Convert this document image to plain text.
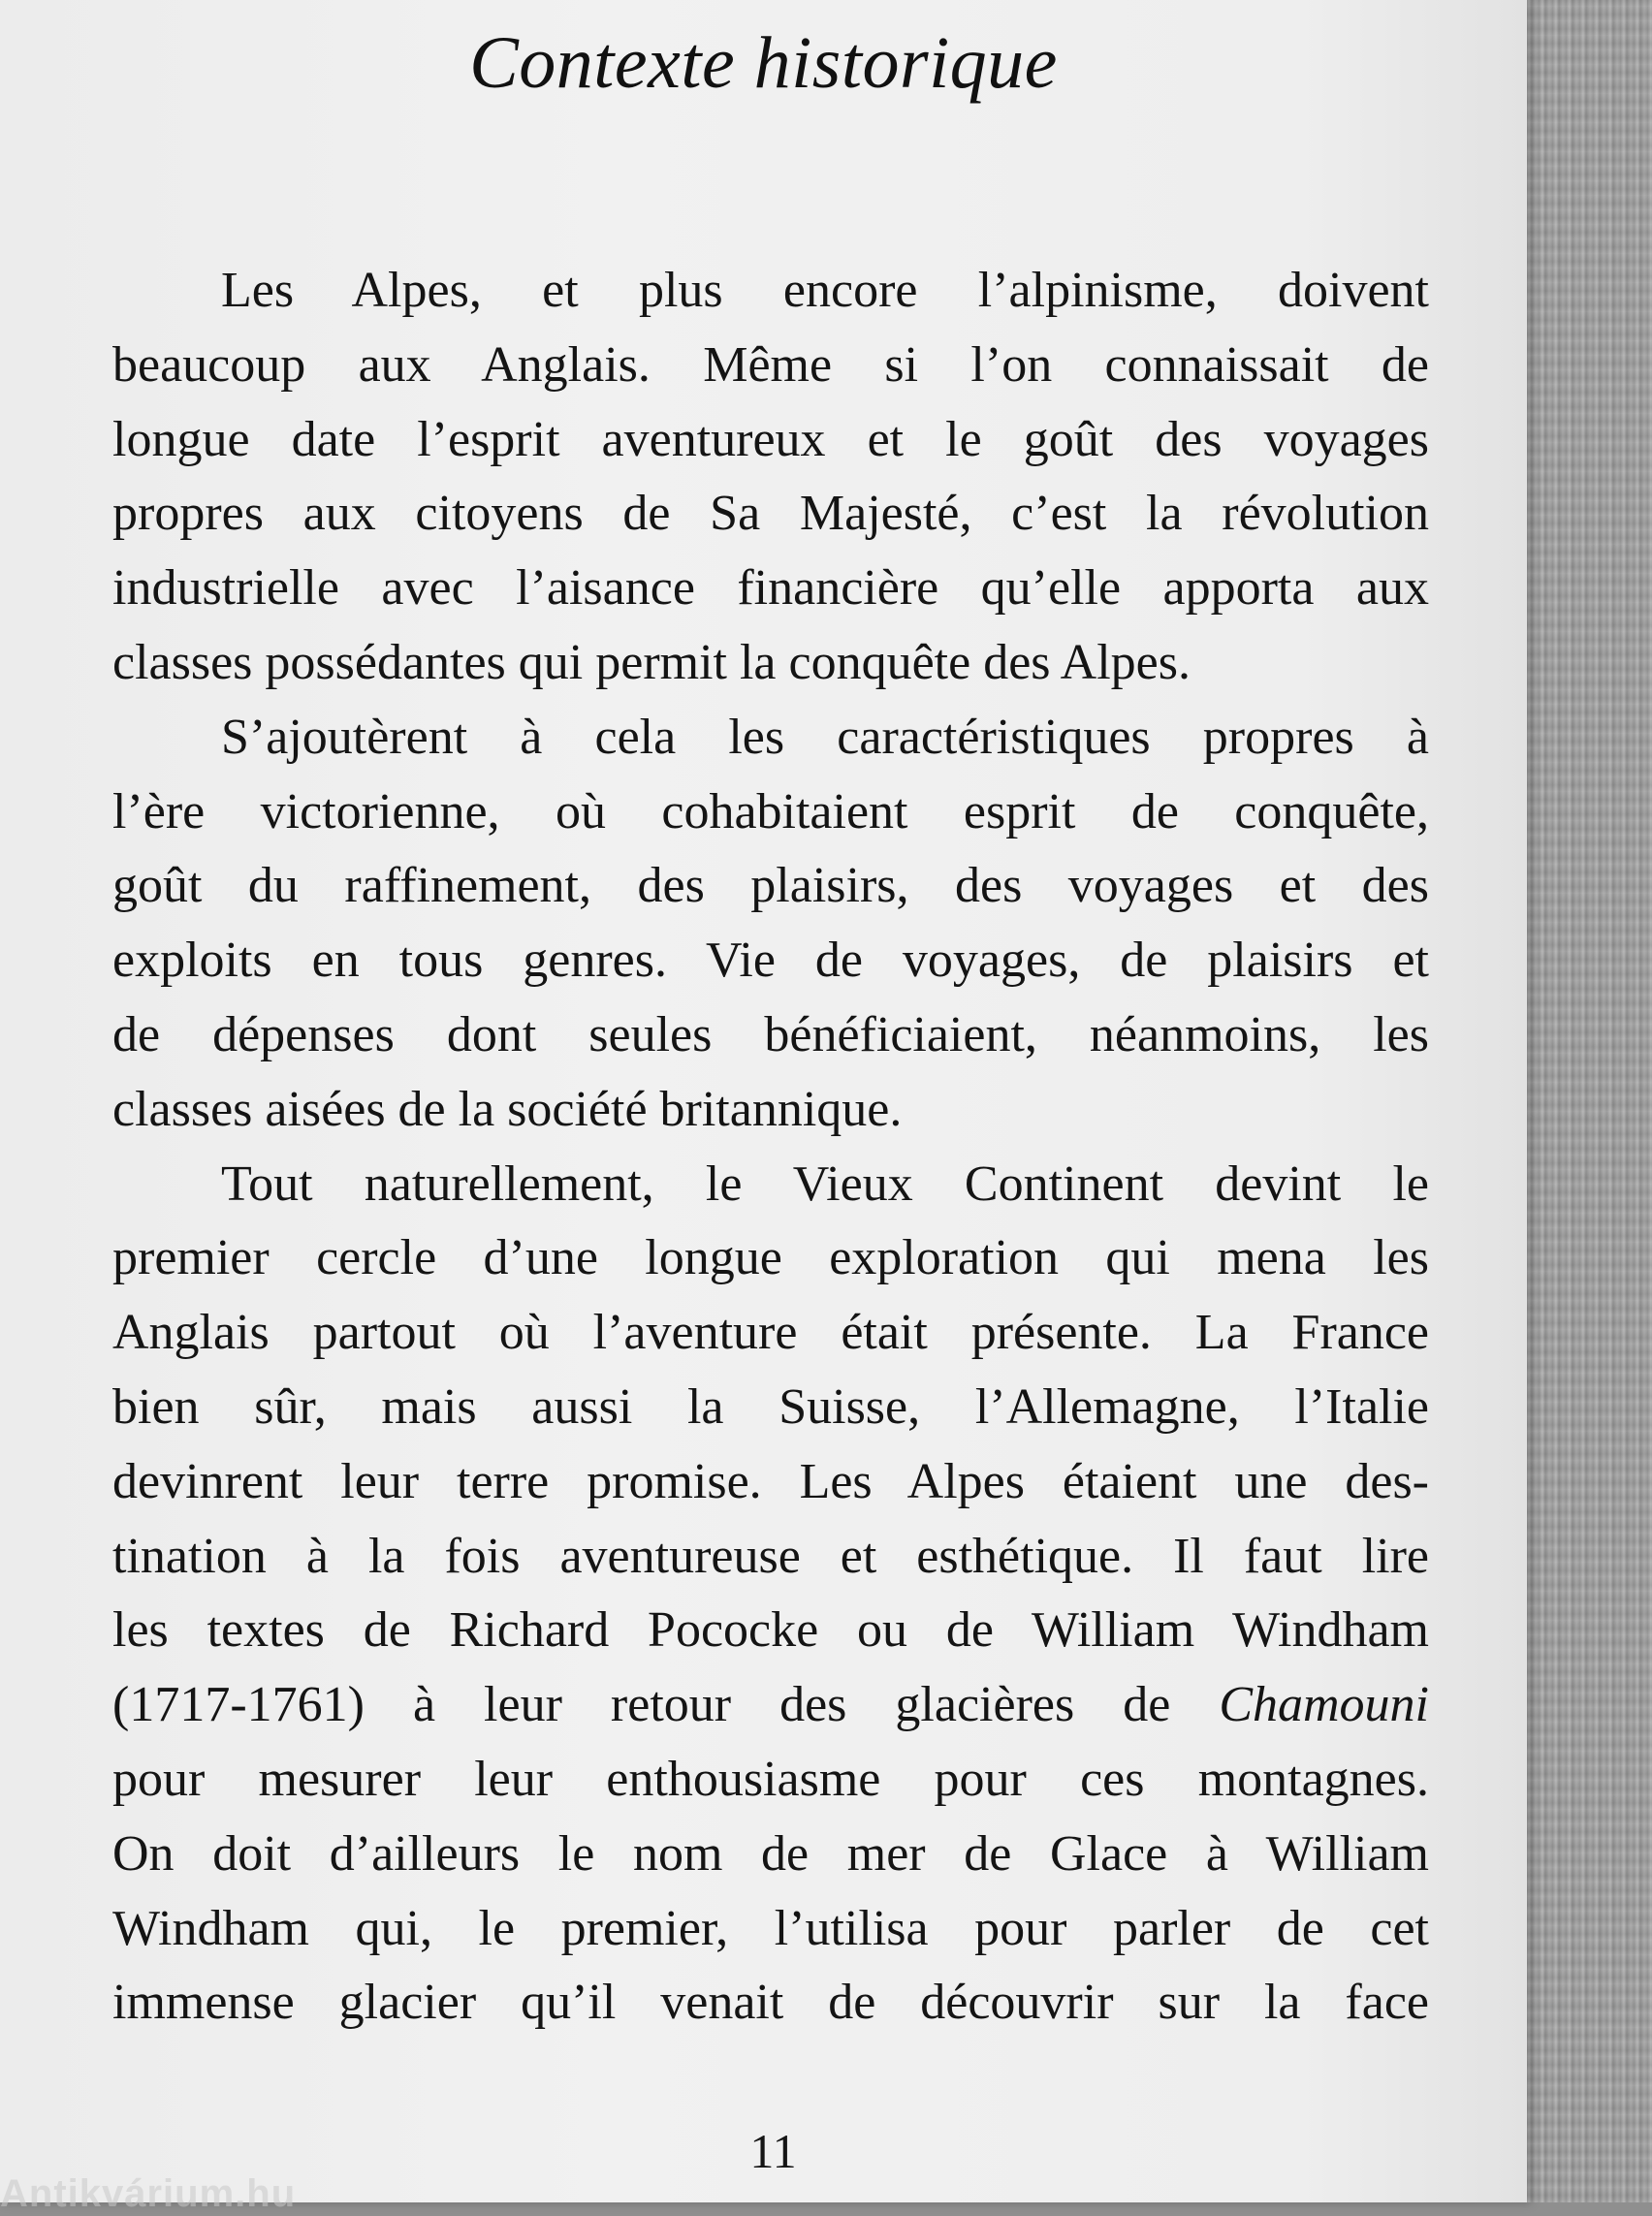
Contexte historique
Les Alpes, et plus encore l’alpinisme, doivent
beaucoup aux Anglais. Même si l’on connaissait de
longue date l’esprit aventureux et le goût des voyages
propres aux citoyens de Sa Majesté, c’est la révolution
industrielle avec l’aisance financière qu’elle apporta aux
classes possédantes qui permit la conquête des Alpes.
S’ajoutèrent à cela les caractéristiques propres à
l’ère victorienne, où cohabitaient esprit de conquête,
goût du raffinement, des plaisirs, des voyages et des
exploits en tous genres. Vie de voyages, de plaisirs et
de dépenses dont seules bénéficiaient, néanmoins, les
classes aisées de la société britannique.
Tout naturellement, le Vieux Continent devint le
premier cercle d’une longue exploration qui mena les
Anglais partout où l’aventure était présente. La France
bien sûr, mais aussi la Suisse, l’Allemagne, l’Italie
devinrent leur terre promise. Les Alpes étaient une des-
tination à la fois aventureuse et esthétique. Il faut lire
les textes de Richard Pococke ou de William Windham
(1717-1761) à leur retour des glacières de Chamouni
pour mesurer leur enthousiasme pour ces montagnes.
On doit d’ailleurs le nom de mer de Glace à William
Windham qui, le premier, l’utilisa pour parler de cet
immense glacier qu’il venait de découvrir sur la face
11
Antikvárium.hu
